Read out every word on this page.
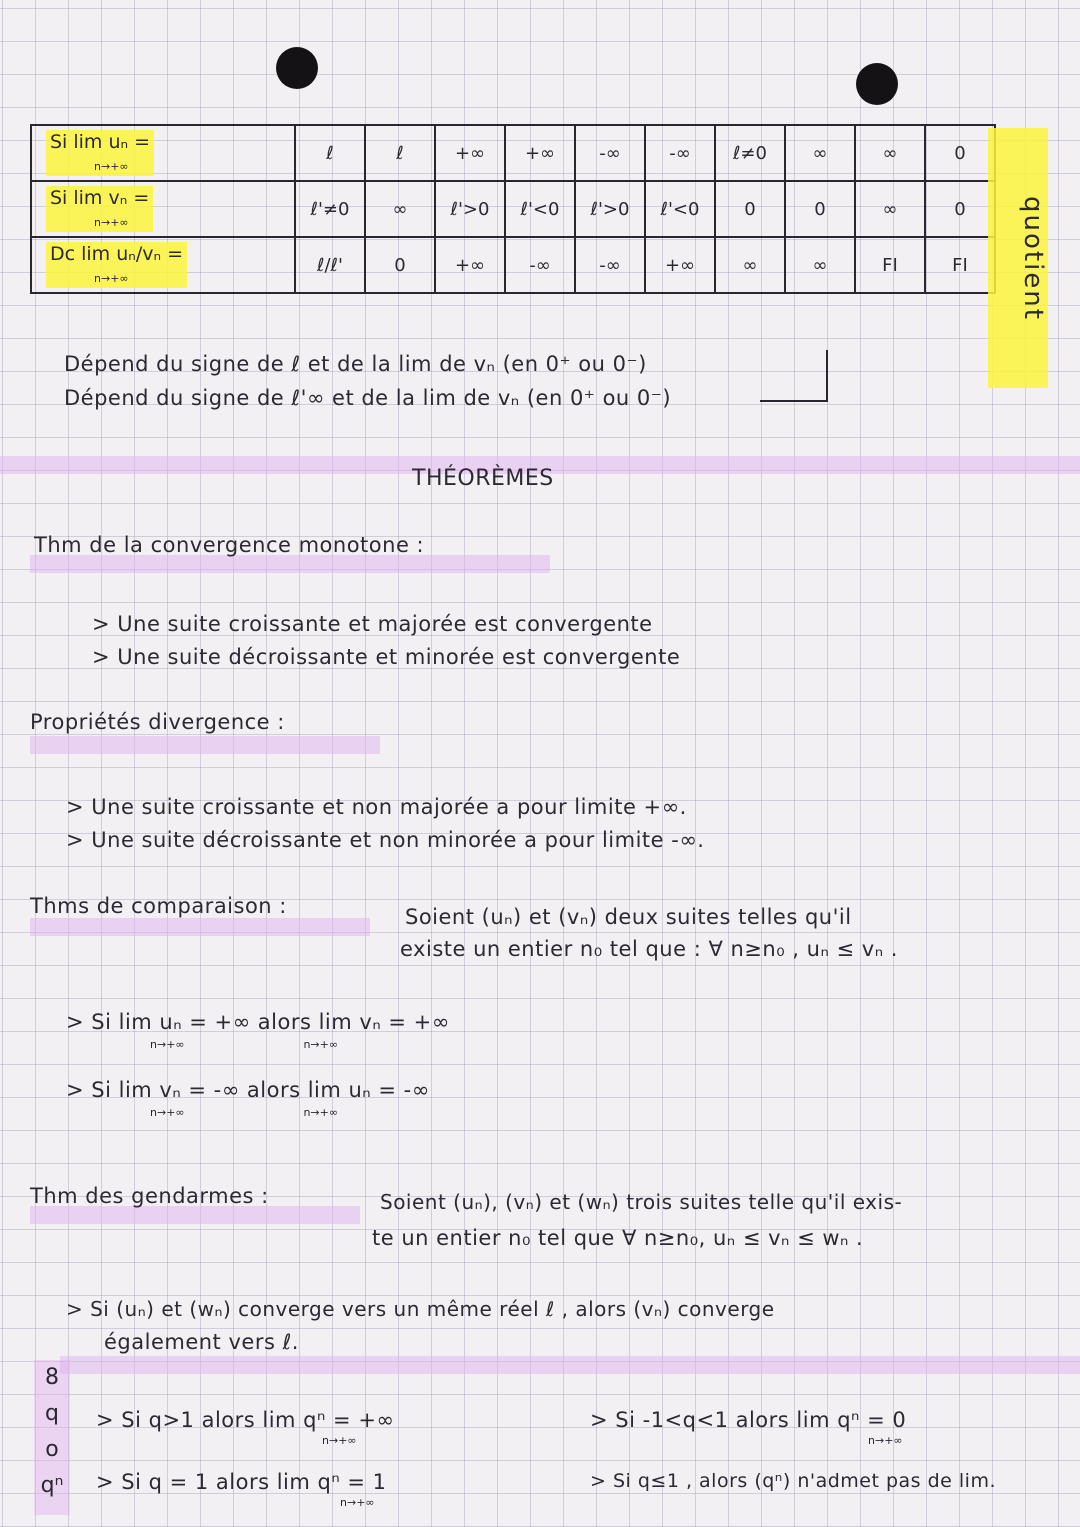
Si lim uₙ =
n→+∞	ℓ	ℓ	+∞	+∞	-∞	-∞	ℓ≠0	∞	∞	0
Si lim vₙ =
n→+∞	ℓ'≠0	∞	ℓ'>0	ℓ'<0	ℓ'>0	ℓ'<0	0	0	∞	0
Dc lim uₙ/vₙ =
n→+∞	ℓ/ℓ'	0	+∞	-∞	-∞	+∞	∞	∞	FI	FI	quotient
Dépend du signe de ℓ et de la lim de vₙ (en 0⁺ ou 0⁻)
Dépend du signe de ℓ'∞ et de la lim de vₙ (en 0⁺ ou 0⁻)
THÉORÈMES
Thm de la convergence monotone :
> Une suite croissante et majorée est convergente
> Une suite décroissante et minorée est convergente
Propriétés divergence :
> Une suite croissante et non majorée a pour limite +∞.
> Une suite décroissante et non minorée a pour limite -∞.
Thms de comparaison :	Soient (uₙ) et (vₙ) deux suites telles qu'il
existe un entier n₀ tel que : ∀ n≥n₀ , uₙ ≤ vₙ .
> Si lim uₙ = +∞ alors lim vₙ = +∞
n→+∞                                  n→+∞
> Si lim vₙ = -∞ alors lim uₙ = -∞
n→+∞                                  n→+∞
Thm des gendarmes :	Soient (uₙ), (vₙ) et (wₙ) trois suites telle qu'il exis-
te un entier n₀ tel que ∀ n≥n₀, uₙ ≤ vₙ ≤ wₙ .
> Si (uₙ) et (wₙ) converge vers un même réel ℓ , alors (vₙ) converge
également vers ℓ.
8
q
o
qⁿ
> Si q>1 alors lim qⁿ = +∞
n→+∞
> Si -1<q<1 alors lim qⁿ = 0
n→+∞
> Si q = 1 alors lim qⁿ = 1
n→+∞
> Si q≤1 , alors (qⁿ) n'admet pas de lim.
